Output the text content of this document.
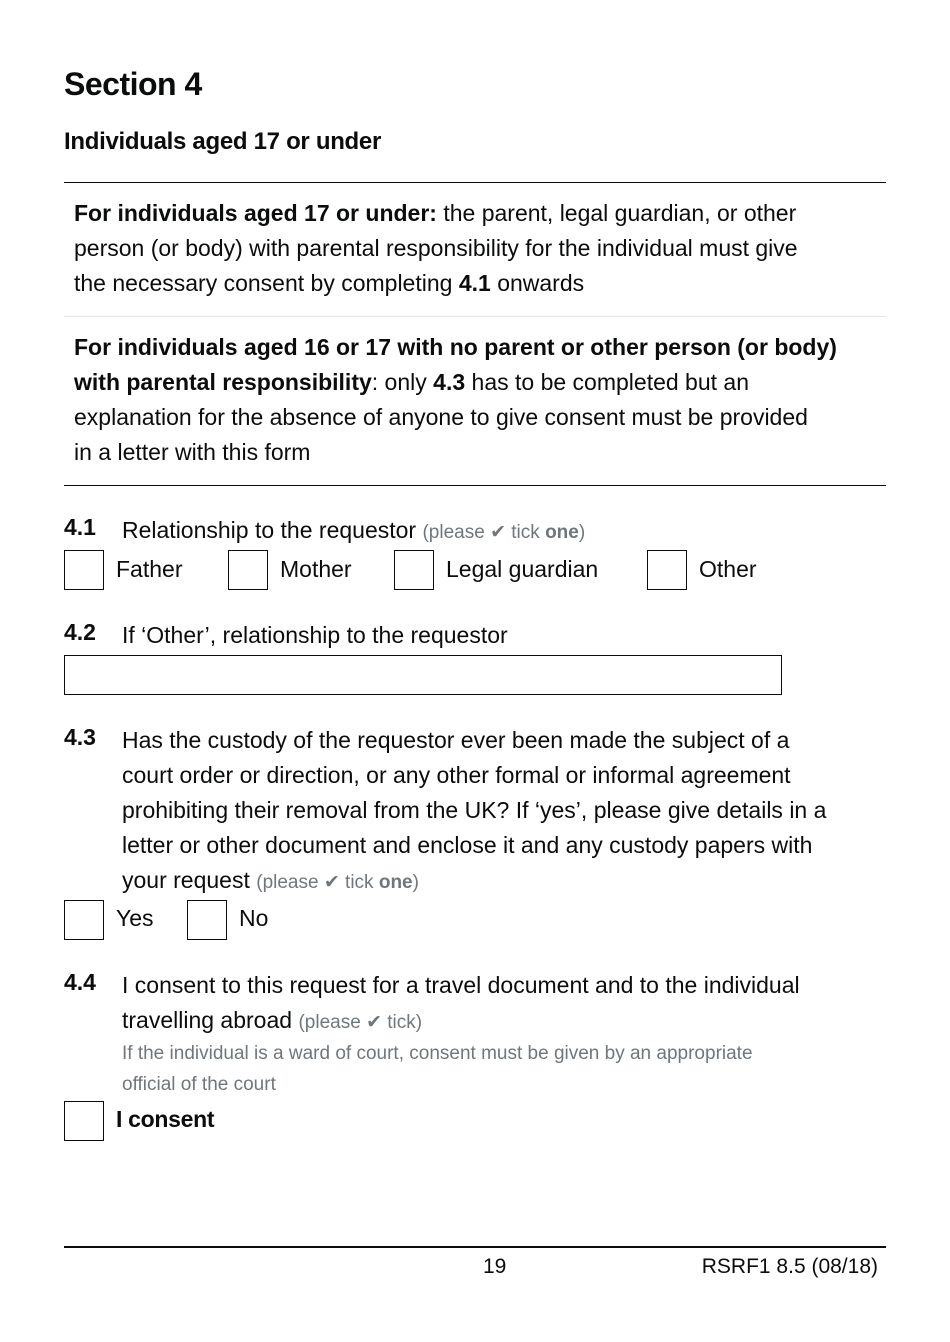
Section 4
Individuals aged 17 or under
For individuals aged 17 or under: the parent, legal guardian, or other
person (or body) with parental responsibility for the individual must give
the necessary consent by completing 4.1 onwards
For individuals aged 16 or 17 with no parent or other person (or body)
with parental responsibility: only 4.3 has to be completed but an
explanation for the absence of anyone to give consent must be provided
in a letter with this form
4.1 Relationship to the requestor (please ✔ tick one)
Father	Mother	Legal guardian	Other
4.2 If ‘Other’, relationship to the requestor
4.3 Has the custody of the requestor ever been made the subject of a
court order or direction, or any other formal or informal agreement
prohibiting their removal from the UK? If ‘yes’, please give details in a
letter or other document and enclose it and any custody papers with
your request (please ✔ tick one)
Yes	No
4.4 I consent to this request for a travel document and to the individual
travelling abroad (please ✔ tick)
If the individual is a ward of court, consent must be given by an appropriate
official of the court
I consent
19	RSRF1 8.5 (08/18)
